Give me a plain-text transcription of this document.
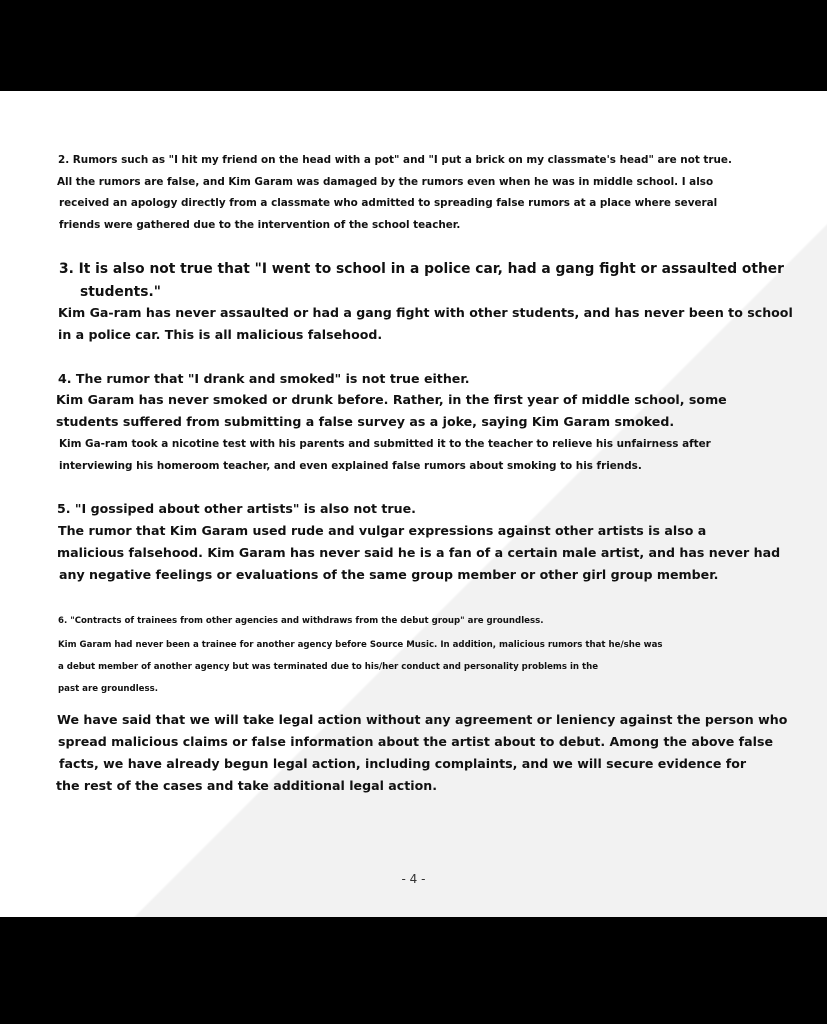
2. Rumors such as "I hit my friend on the head with a pot" and "I put a brick on my classmate's head" are not true.
All the rumors are false, and Kim Garam was damaged by the rumors even when he was in middle school. I also
received an apology directly from a classmate who admitted to spreading false rumors at a place where several
friends were gathered due to the intervention of the school teacher.
3. It is also not true that "I went to school in a police car, had a gang fight or assaulted other
students."
Kim Ga-ram has never assaulted or had a gang fight with other students, and has never been to school
in a police car. This is all malicious falsehood.
4. The rumor that "I drank and smoked" is not true either.
Kim Garam has never smoked or drunk before. Rather, in the first year of middle school, some
students suffered from submitting a false survey as a joke, saying Kim Garam smoked.
Kim Ga-ram took a nicotine test with his parents and submitted it to the teacher to relieve his unfairness after
interviewing his homeroom teacher, and even explained false rumors about smoking to his friends.
5. "I gossiped about other artists" is also not true.
The rumor that Kim Garam used rude and vulgar expressions against other artists is also a
malicious falsehood. Kim Garam has never said he is a fan of a certain male artist, and has never had
any negative feelings or evaluations of the same group member or other girl group member.
6. "Contracts of trainees from other agencies and withdraws from the debut group" are groundless.
Kim Garam had never been a trainee for another agency before Source Music. In addition, malicious rumors that he/she was
a debut member of another agency but was terminated due to his/her conduct and personality problems in the
past are groundless.
We have said that we will take legal action without any agreement or leniency against the person who
spread malicious claims or false information about the artist about to debut. Among the above false
facts, we have already begun legal action, including complaints, and we will secure evidence for
the rest of the cases and take additional legal action.
- 4 -
